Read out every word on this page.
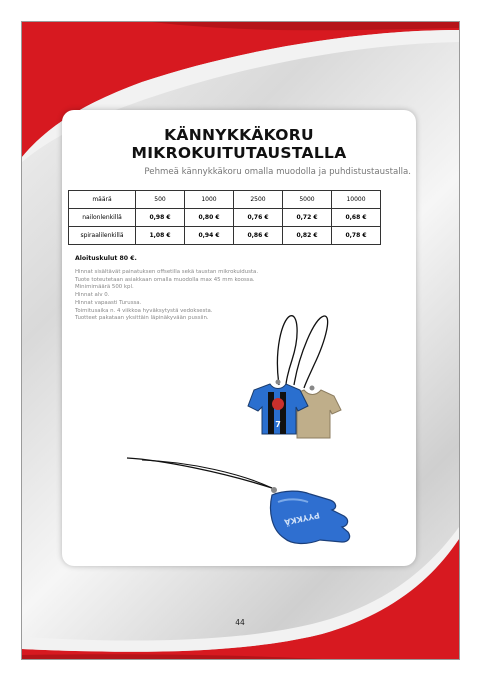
KÄNNYKKÄKORU MIKROKUITUTAUSTALLA
Pehmeä kännykkäkoru omalla muodolla ja puhdistustaustalla.
määrä	500	1000	2500	5000	10000
nailonlenkillä	0,98 €	0,80 €	0,76 €	0,72 €	0,68 €
spiraalilenkillä	1,08 €	0,94 €	0,86 €	0,82 €	0,78 €
Aloituskulut 80 €.
Hinnat sisältävät painatuksen offsetilla sekä taustan mikrokuidusta.
Tuote toteutetaan asiakkaan omalla muodolla max 45 mm koossa.
Minimimäärä 500 kpl.
Hinnat alv 0.
Hinnat vapaasti Turussa.
Toimitusaika n. 4 viikkoa hyväksytystä vedoksesta.
Tuotteet pakataan yksittäin läpinäkyvään pussiin.
7
PYYKKÄ
44
